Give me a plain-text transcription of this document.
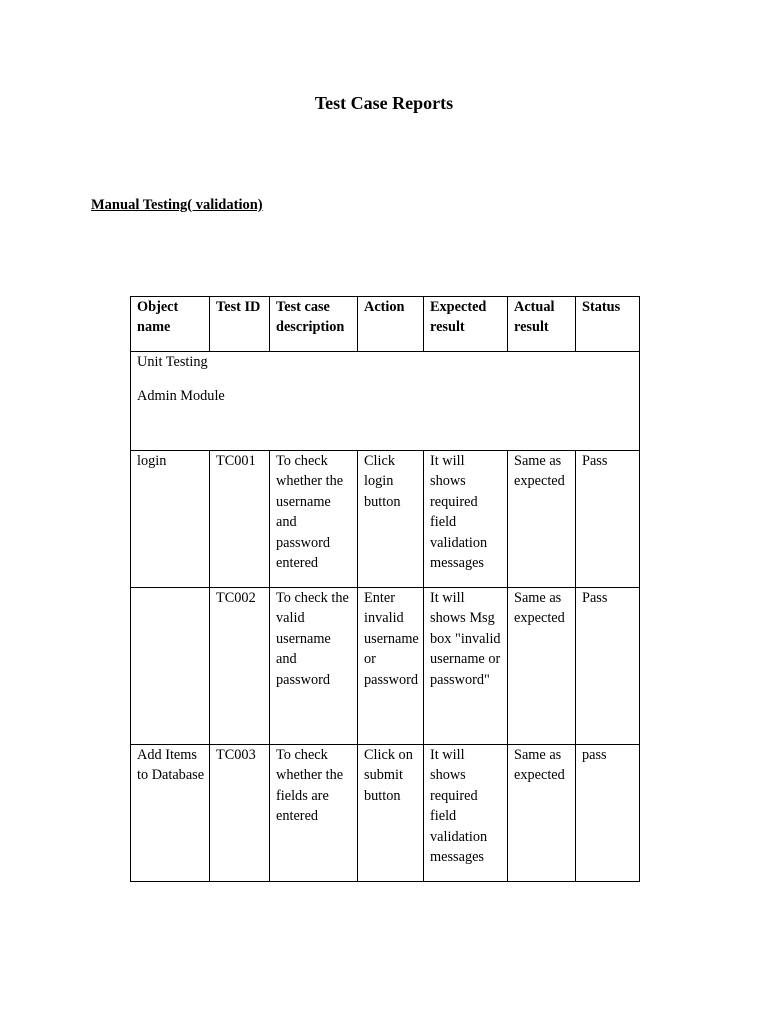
Test Case Reports
Manual Testing( validation)
Object name	Test ID	Test case description	Action	Expected result	Actual result	Status

Unit Testing
Admin Module						

login	TC001	To check whether the username and password entered	Click login button	It will shows required field validation messages	Same as expected	Pass
	TC002	To check the valid username and password	Enter invalid username or password	It will shows Msg box "invalid username or password"	Same as expected	Pass
Add Items to Database	TC003	To check whether the fields are entered	Click on submit button	It will shows required field validation messages	Same as expected	pass
